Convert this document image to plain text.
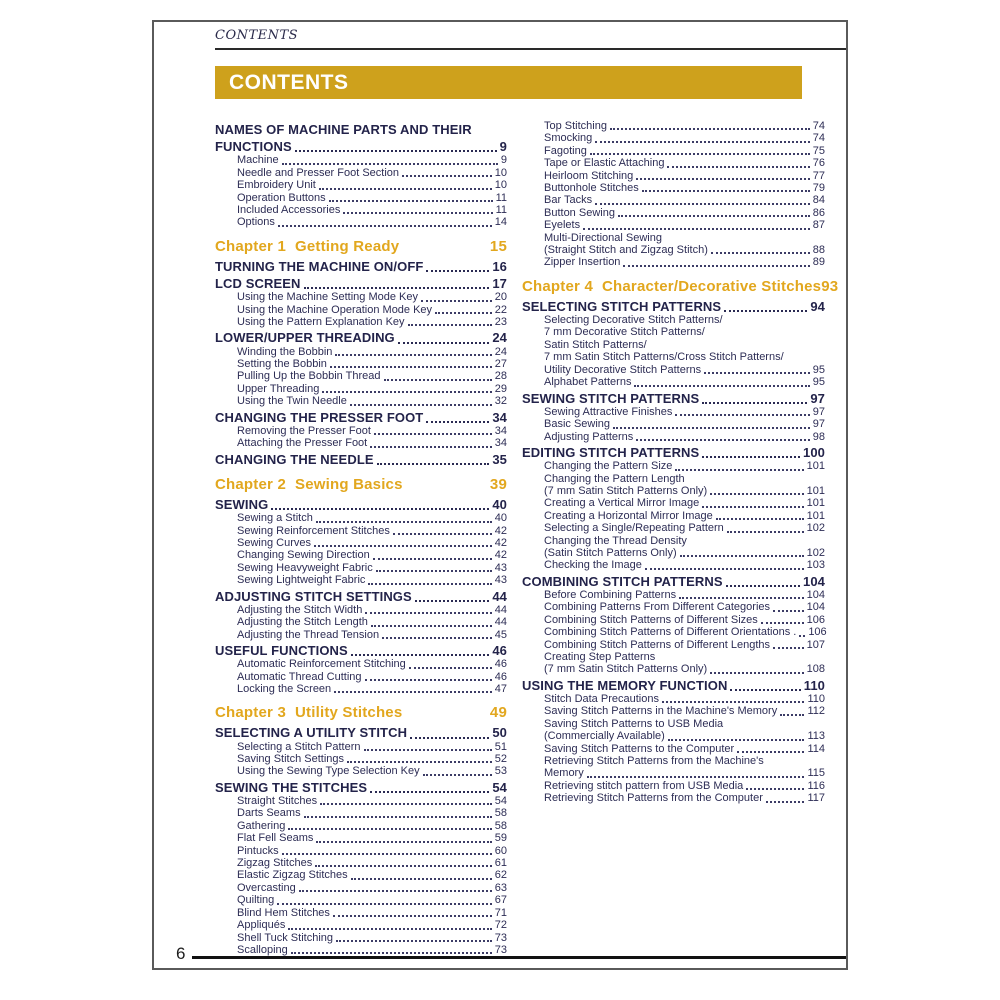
CONTENTS
CONTENTS
NAMES OF MACHINE PARTS AND THEIR
FUNCTIONS	9
Machine	9
Needle and Presser Foot Section	10
Embroidery Unit	10
Operation Buttons	11
Included Accessories	11
Options	14
Chapter 1 Getting Ready	15
TURNING THE MACHINE ON/OFF	16
LCD SCREEN	17
Using the Machine Setting Mode Key	20
Using the Machine Operation Mode Key	22
Using the Pattern Explanation Key	23
LOWER/UPPER THREADING	24
Winding the Bobbin	24
Setting the Bobbin	27
Pulling Up the Bobbin Thread	28
Upper Threading	29
Using the Twin Needle	32
CHANGING THE PRESSER FOOT	34
Removing the Presser Foot	34
Attaching the Presser Foot	34
CHANGING THE NEEDLE	35
Chapter 2 Sewing Basics	39
SEWING	40
Sewing a Stitch	40
Sewing Reinforcement Stitches	42
Sewing Curves	42
Changing Sewing Direction	42
Sewing Heavyweight Fabric	43
Sewing Lightweight Fabric	43
ADJUSTING STITCH SETTINGS	44
Adjusting the Stitch Width	44
Adjusting the Stitch Length	44
Adjusting the Thread Tension	45
USEFUL FUNCTIONS	46
Automatic Reinforcement Stitching	46
Automatic Thread Cutting	46
Locking the Screen	47
Chapter 3 Utility Stitches	49
SELECTING A UTILITY STITCH	50
Selecting a Stitch Pattern	51
Saving Stitch Settings	52
Using the Sewing Type Selection Key	53
SEWING THE STITCHES	54
Straight Stitches	54
Darts Seams	58
Gathering	58
Flat Fell Seams	59
Pintucks	60
Zigzag Stitches	61
Elastic Zigzag Stitches	62
Overcasting	63
Quilting	67
Blind Hem Stitches	71
Appliqués	72
Shell Tuck Stitching	73
Scalloping	73
Top Stitching	74
Smocking	74
Fagoting	75
Tape or Elastic Attaching	76
Heirloom Stitching	77
Buttonhole Stitches	79
Bar Tacks	84
Button Sewing	86
Eyelets	87
Multi-Directional Sewing
(Straight Stitch and Zigzag Stitch)	88
Zipper Insertion	89
Chapter 4 Character/Decorative Stitches 93
SELECTING STITCH PATTERNS	94
Selecting Decorative Stitch Patterns/
7 mm Decorative Stitch Patterns/
Satin Stitch Patterns/
7 mm Satin Stitch Patterns/Cross Stitch Patterns/
Utility Decorative Stitch Patterns	95
Alphabet Patterns	95
SEWING STITCH PATTERNS	97
Sewing Attractive Finishes	97
Basic Sewing	97
Adjusting Patterns	98
EDITING STITCH PATTERNS	100
Changing the Pattern Size	101
Changing the Pattern Length
(7 mm Satin Stitch Patterns Only)	101
Creating a Vertical Mirror Image	101
Creating a Horizontal Mirror Image	101
Selecting a Single/Repeating Pattern	102
Changing the Thread Density
(Satin Stitch Patterns Only)	102
Checking the Image	103
COMBINING STITCH PATTERNS	104
Before Combining Patterns	104
Combining Patterns From Different Categories	104
Combining Stitch Patterns of Different Sizes	106
Combining Stitch Patterns of Different Orientations . 106
Combining Stitch Patterns of Different Lengths	107
Creating Step Patterns
(7 mm Satin Stitch Patterns Only)	108
USING THE MEMORY FUNCTION	110
Stitch Data Precautions	110
Saving Stitch Patterns in the Machine's Memory	112
Saving Stitch Patterns to USB Media
(Commercially Available)	113
Saving Stitch Patterns to the Computer	114
Retrieving Stitch Patterns from the Machine's
Memory	115
Retrieving stitch pattern from USB Media	116
Retrieving Stitch Patterns from the Computer	117
6
